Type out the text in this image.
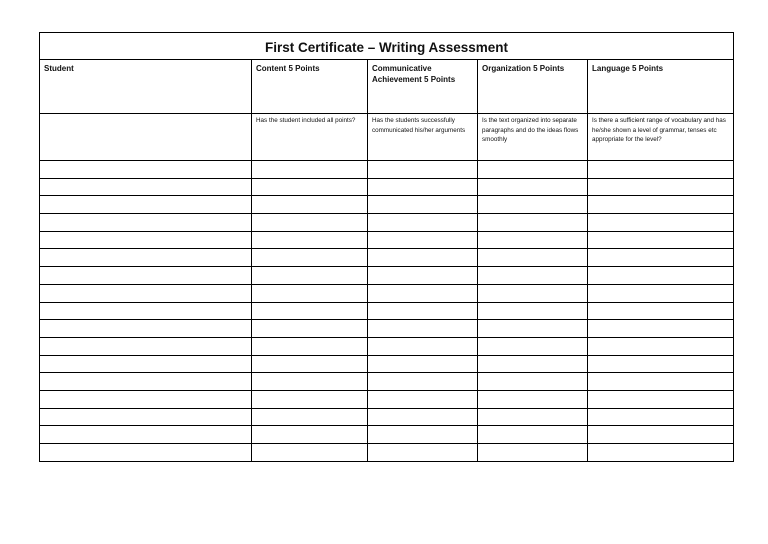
First Certificate – Writing Assessment				

Student	Content 5 Points	Communicative Achievement 5 Points	Organization 5 Points	Language 5 Points

	Has the student included all points?	Has the students successfully communicated his/her arguments	Is the text organized into separate paragraphs and do the ideas flows smoothly	Is there a sufficient range of vocabulary and has he/she shown a level of grammar, tenses etc appropriate for the level?
